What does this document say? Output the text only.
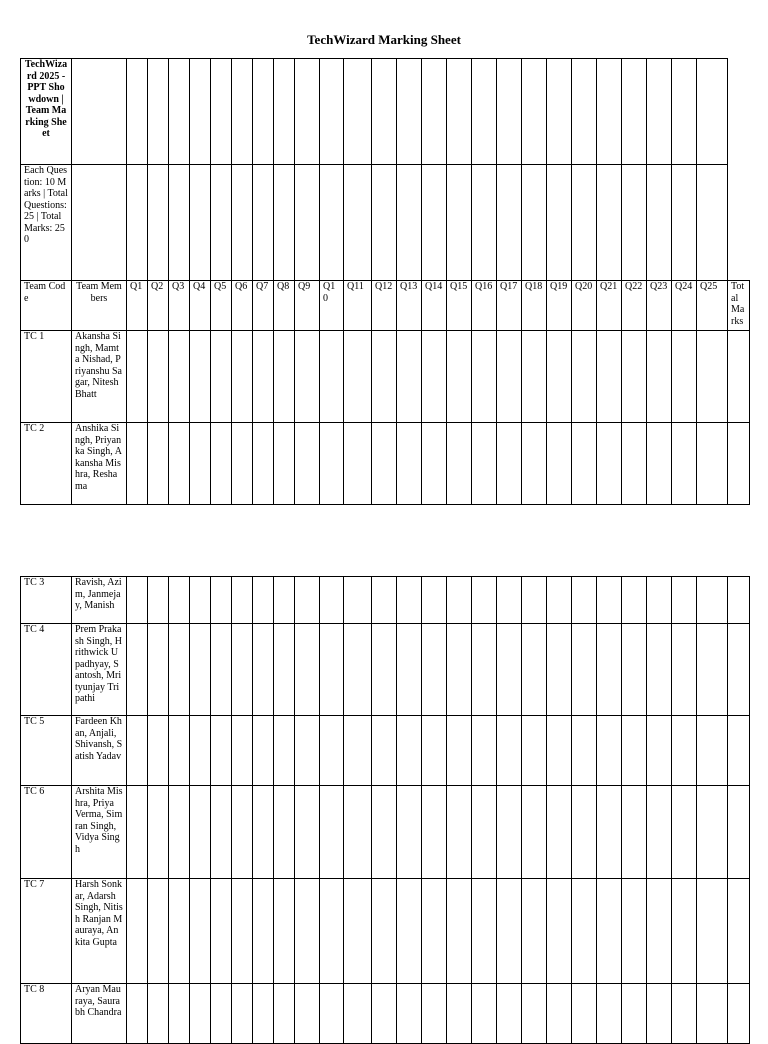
TechWizard Marking Sheet
TechWizard 2025 - PPT Showdown | Team Marking Sheet																											
Each Question: 10 Marks | Total Questions: 25 | Total Marks: 250																											
Team Code	Team Members	Q1	Q2	Q3	Q4	Q5	Q6	Q7	Q8	Q9	Q10	Q11	Q12	Q13	Q14	Q15	Q16	Q17	Q18	Q19	Q20	Q21	Q22	Q23	Q24	Q25	Total Marks
TC 1	Akansha Singh, Mamta Nishad, Priyanshu Sagar, Nitesh Bhatt																										
TC 2	Anshika Singh, Priyanka Singh, Akansha Mishra, Reshama																										
TC 3	Ravish, Azim, Janmejay, Manish																										
TC 4	Prem Prakash Singh, Hrithwick Upadhyay, Santosh, Mrityunjay Tripathi																										
TC 5	Fardeen Khan, Anjali, Shivansh, Satish Yadav																										
TC 6	Arshita Mishra, Priya Verma, Simran Singh, Vidya Singh																										
TC 7	Harsh Sonkar, Adarsh Singh, Nitish Ranjan Mauraya, Ankita Gupta																										
TC 8	Aryan Mauraya, Saurabh Chandra																										
